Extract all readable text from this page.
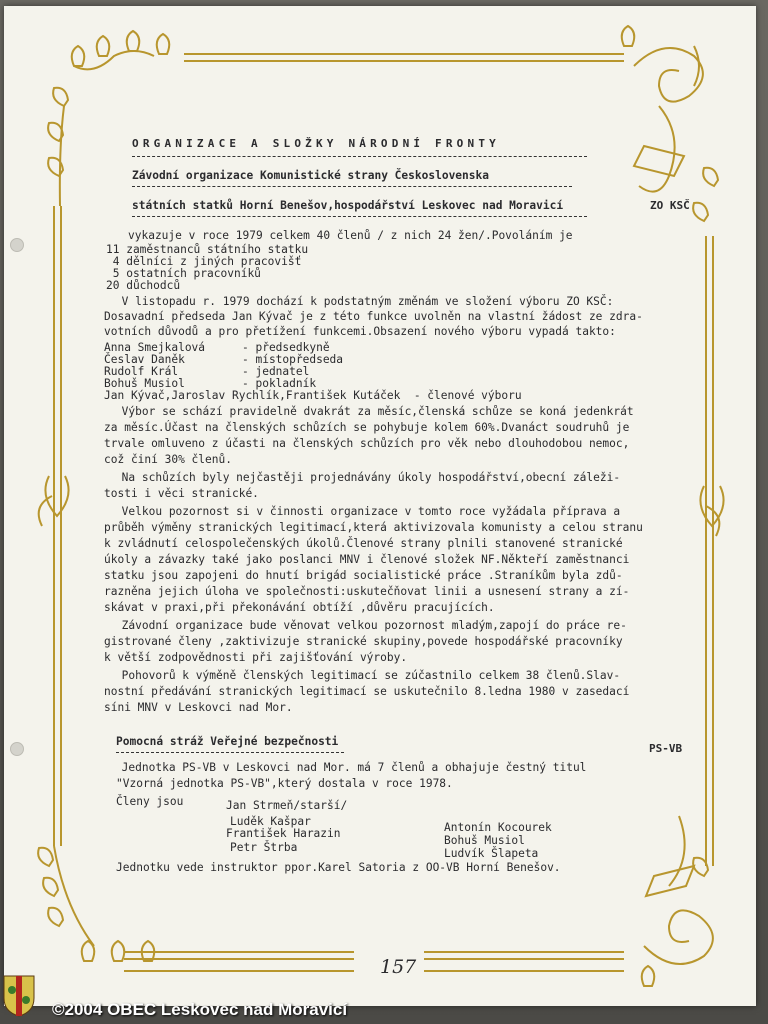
ORGANIZACE A SLOŽKY NÁRODNÍ FRONTY
Závodní organizace Komunistické strany Československa
státních statků Horní Benešov,hospodářství Leskovec nad Moravicí	ZO KSČ
vykazuje v roce 1979 celkem 40 členů / z nich 24 žen/.Povoláním je
11 zaměstnanců státního statku
4 dělníci z jiných pracovišť
5 ostatních pracovníků
20 důchodců
V listopadu r. 1979 dochází k podstatným změnám ve složení výboru ZO KSČ:
Dosavadní předseda Jan Kývač je z této funkce uvolněn na vlastní žádost ze zdra-
votních důvodů a pro přetížení funkcemi.Obsazení nového výboru vypadá takto:
Anna Smejkalová	- předsedkyně
Česlav Daněk	- místopředseda
Rudolf Král	- jednatel
Bohuš Musiol	- pokladník
Jan Kývač,Jaroslav Rychlík,František Kutáček  - členové výboru
Výbor se schází pravidelně dvakrát za měsíc,členská schůze se koná jedenkrát
za měsíc.Účast na členských schůzích se pohybuje kolem 60%.Dvanáct soudruhů je
trvale omluveno z účasti na členských schůzích pro věk nebo dlouhodobou nemoc,
což činí 30% členů.
Na schůzích byly nejčastěji projednávány úkoly hospodářství,obecní záleži-
tosti i věci stranické.
Velkou pozornost si v činnosti organizace v tomto roce vyžádala příprava a
průběh výměny stranických legitimací,která aktivizovala komunisty a celou stranu
k zvládnutí celospolečenských úkolů.Členové strany plnili stanovené stranické
úkoly a závazky také jako poslanci MNV i členové složek NF.Někteří zaměstnanci
statku jsou zapojeni do hnutí brigád socialistické práce .Straníkům byla zdů-
razněna jejich úloha ve společnosti:uskutečňovat linii a usnesení strany a zí-
skávat v praxi,při překonávání obtíží ,důvěru pracujících.
Závodní organizace bude věnovat velkou pozornost mladým,zapojí do práce re-
gistrované členy ,zaktivizuje stranické skupiny,povede hospodářské pracovníky
k větší zodpovědnosti při zajišťování výroby.
Pohovorů k výměně členských legitimací se zúčastnilo celkem 38 členů.Slav-
nostní předávání stranických legitimací se uskutečnilo 8.ledna 1980 v zasedací
síni MNV v Leskovci nad Mor.
Pomocná stráž Veřejné bezpečnosti
PS-VB
Jednotka PS-VB v Leskovci nad Mor. má 7 členů a obhajuje čestný titul
"Vzorná jednotka PS-VB",který dostala v roce 1978.
Členy jsou	Jan Strmeň/starší/
Luděk Kašpar
František Harazin
Petr Štrba
Antonín Kocourek
Bohuš Musiol
Ludvík Šlapeta
Jednotku vede instruktor ppor.Karel Satoria z OO-VB Horní Benešov.
157
©2004 OBEC Leskovec nad Moravicí
